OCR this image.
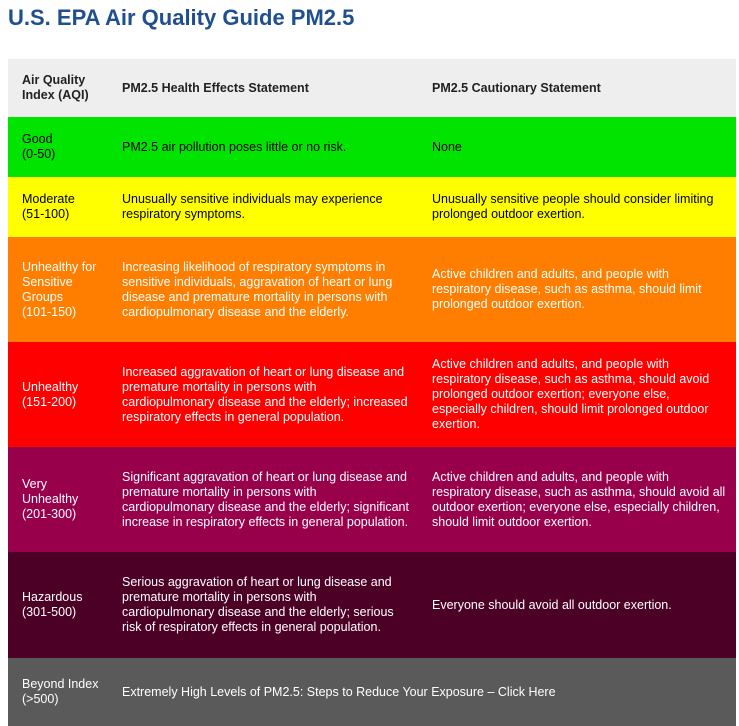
U.S. EPA Air Quality Guide PM2.5
Air Quality Index (AQI)	PM2.5 Health Effects Statement	PM2.5 Cautionary Statement

Good
(0-50)	PM2.5 air pollution poses little or no risk.	None

Moderate
(51-100)	Unusually sensitive individuals may experience respiratory symptoms.	Unusually sensitive people should consider limiting prolonged outdoor exertion.

Unhealthy for Sensitive Groups
(101-150)	Increasing likelihood of respiratory symptoms in sensitive individuals, aggravation of heart or lung disease and premature mortality in persons with cardiopulmonary disease and the elderly.	Active children and adults, and people with respiratory disease, such as asthma, should limit prolonged outdoor exertion.

Unhealthy
(151-200)	Increased aggravation of heart or lung disease and premature mortality in persons with cardiopulmonary disease and the elderly; increased respiratory effects in general population.	Active children and adults, and people with respiratory disease, such as asthma, should avoid prolonged outdoor exertion; everyone else, especially children, should limit prolonged outdoor exertion.

Very Unhealthy
(201-300)	Significant aggravation of heart or lung disease and premature mortality in persons with cardiopulmonary disease and the elderly; significant increase in respiratory effects in general population.	Active children and adults, and people with respiratory disease, such as asthma, should avoid all outdoor exertion; everyone else, especially children, should limit outdoor exertion.

Hazardous
(301-500)	Serious aggravation of heart or lung disease and premature mortality in persons with cardiopulmonary disease and the elderly; serious risk of respiratory effects in general population.	Everyone should avoid all outdoor exertion.

Beyond Index
(>500)	Extremely High Levels of PM2.5: Steps to Reduce Your Exposure – Click Here	
